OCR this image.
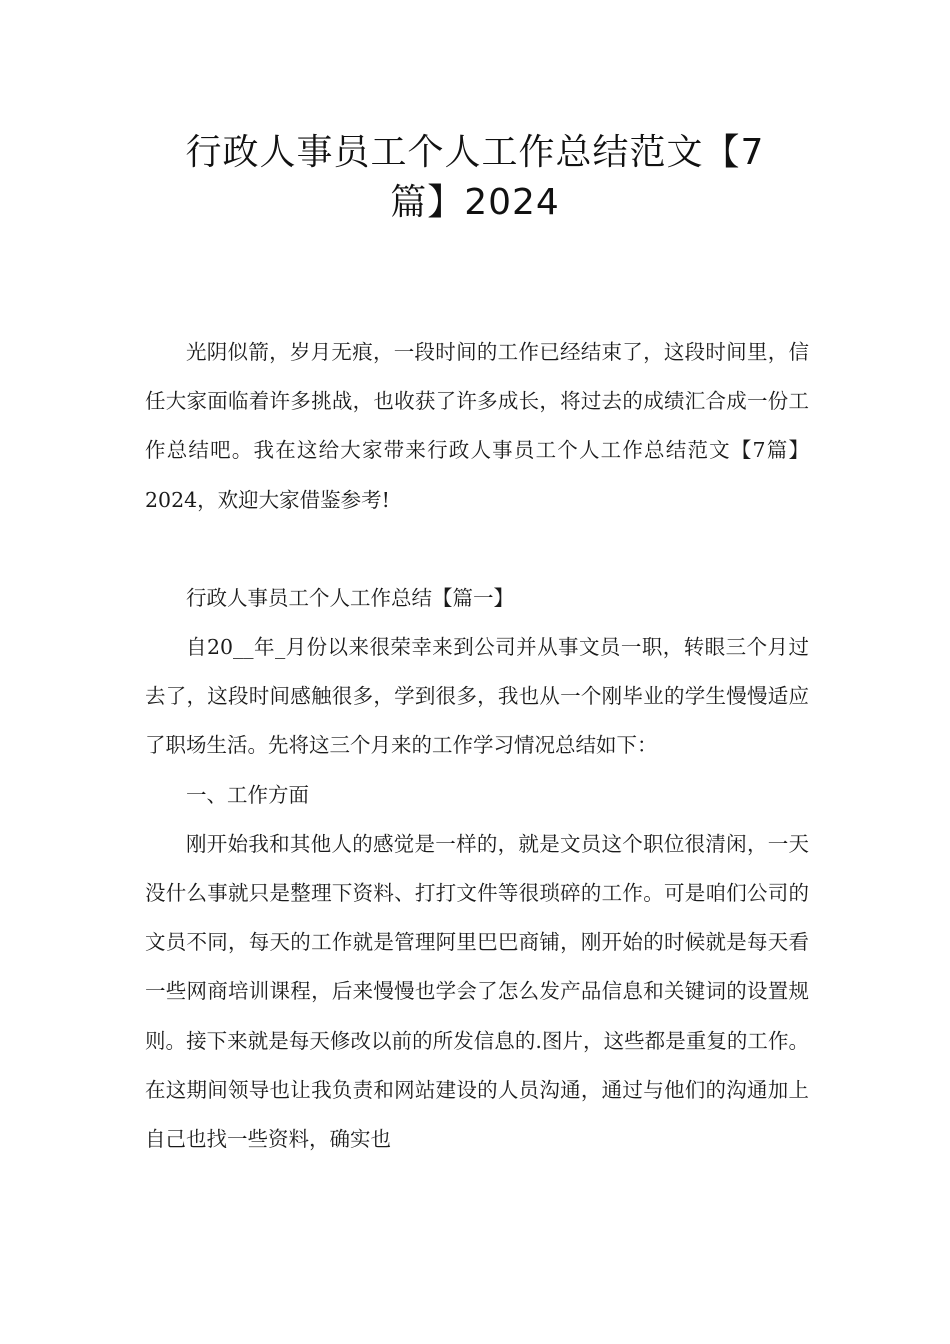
行政人事员工个人工作总结范文【7
篇】2024

光阴似箭，岁月无痕，一段时间的工作已经结束了，这段时间里，信任大家面临着许多挑战，也收获了许多成长，将过去的成绩汇合成一份工作总结吧。我在这给大家带来行政人事员工个人工作总结范文【7篇】2024，欢迎大家借鉴参考!

行政人事员工个人工作总结【篇一】

自20__年_月份以来很荣幸来到公司并从事文员一职，转眼三个月过去了，这段时间感触很多，学到很多，我也从一个刚毕业的学生慢慢适应了职场生活。先将这三个月来的工作学习情况总结如下：

一、工作方面

刚开始我和其他人的感觉是一样的，就是文员这个职位很清闲，一天没什么事就只是整理下资料、打打文件等很琐碎的工作。可是咱们公司的文员不同，每天的工作就是管理阿里巴巴商铺，刚开始的时候就是每天看一些网商培训课程，后来慢慢也学会了怎么发产品信息和关键词的设置规则。接下来就是每天修改以前的所发信息的.图片，这些都是重复的工作。在这期间领导也让我负责和网站建设的人员沟通，通过与他们的沟通加上自己也找一些资料，确实也
